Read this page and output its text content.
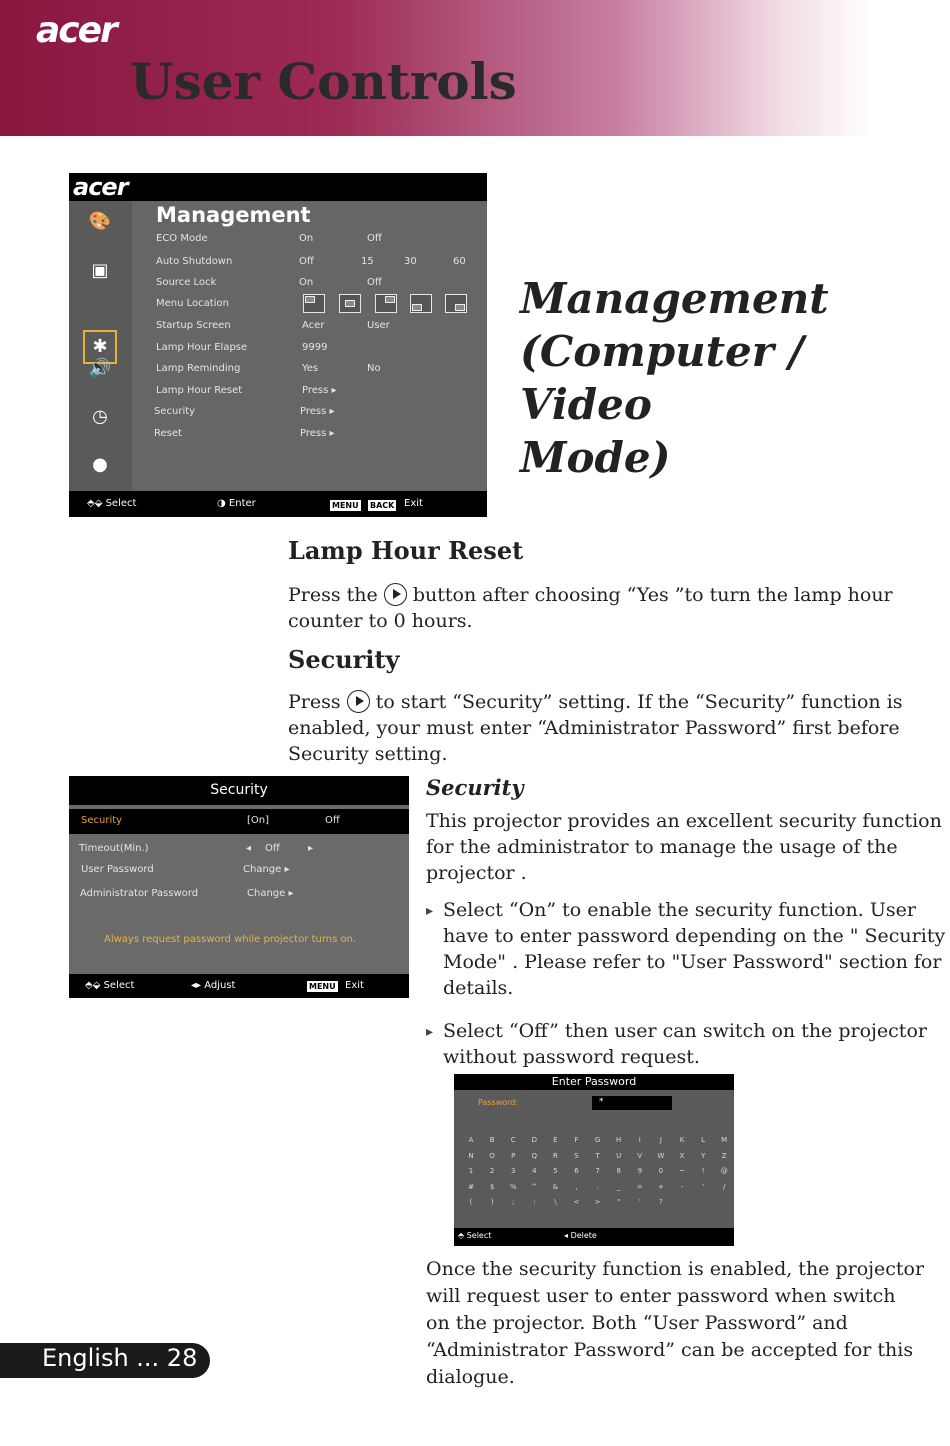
acer
User Controls
acer
🎨
▣
✱
🔊
◷
●
Management
ECO Mode	On	Off
Auto Shutdown	Off	15	30	60
Source Lock	On	Off
Menu Location
Startup Screen	Acer	User
Lamp Hour Elapse	9999
Lamp Reminding	Yes	No
Lamp Hour Reset	Press ▸
Security	Press ▸
Reset	Press ▸
⬘⬙ Select	◑ Enter	MENU BACK Exit
Management
(Computer / Video
Mode)
Lamp Hour Reset
Press the button after choosing “Yes ”to turn the lamp hour
counter to 0 hours.
Security
Press to start “Security” setting. If the “Security” function is
enabled, your must enter “Administrator Password” first before
Security setting.
Security
Security	[On]	Off
Timeout(Min.)	◂ Off	▸
User Password	Change ▸
Administrator Password	Change ▸
Always request password while projector turns on.
⬘⬙ Select	◂▸ Adjust	MENU Exit
Security
This projector provides an excellent security function
for the administrator to manage the usage of the
projector .
▸ Select “On” to enable the security function. User
have to enter password depending on the " Security
Mode" . Please refer to "User Password" section for
details.
▸ Select “Off” then user can switch on the projector
without password request.
Enter Password
Password:	*
A	B	C	D	E	F	G	H	I	J	K	L	M
N	O	P	Q	R	S	T	U	V	W	X	Y	Z
1	2	3	4	5	6	7	8	9	0	~	!	@
#	$	%	^	&	,	.	_	=	+	-	'	/
(	)	;	:	\	<	>	"	'	?
⬘ Select	◂ Delete
Once the security function is enabled, the projector
will request user to enter password when switch
on the projector. Both “User Password” and
“Administrator Password” can be accepted for this
dialogue.
English ... 28
